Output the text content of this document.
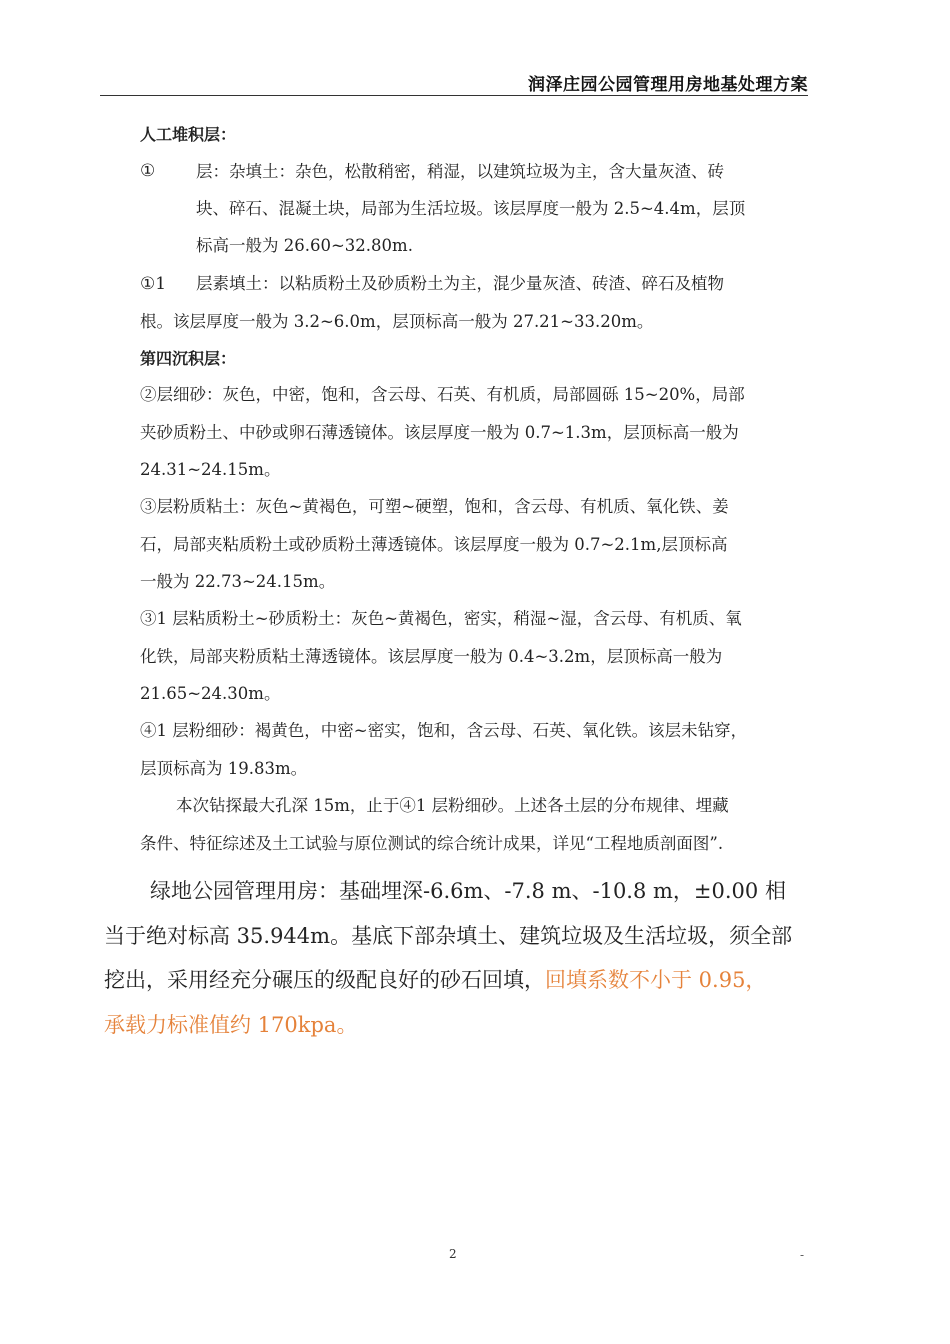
润泽庄园公园管理用房地基处理方案
人工堆积层：
① 层：杂填土：杂色，松散稍密，稍湿，以建筑垃圾为主，含大量灰渣、砖
块、碎石、混凝土块，局部为生活垃圾。该层厚度一般为 2.5~4.4m，层顶
标高一般为 26.60~32.80m.
①1 层素填土：以粘质粉土及砂质粉土为主，混少量灰渣、砖渣、碎石及植物
根。该层厚度一般为 3.2~6.0m，层顶标高一般为 27.21~33.20m。
第四沉积层：
②层细砂：灰色，中密，饱和，含云母、石英、有机质，局部圆砾 15~20%，局部
夹砂质粉土、中砂或卵石薄透镜体。该层厚度一般为 0.7~1.3m，层顶标高一般为
24.31~24.15m。
③层粉质粘土：灰色~黄褐色，可塑~硬塑，饱和，含云母、有机质、氧化铁、姜
石，局部夹粘质粉土或砂质粉土薄透镜体。该层厚度一般为 0.7~2.1m,层顶标高
一般为 22.73~24.15m。
③1 层粘质粉土~砂质粉土：灰色~黄褐色，密实，稍湿~湿，含云母、有机质、氧
化铁，局部夹粉质粘土薄透镜体。该层厚度一般为 0.4~3.2m，层顶标高一般为
21.65~24.30m。
④1 层粉细砂：褐黄色，中密~密实，饱和，含云母、石英、氧化铁。该层未钻穿，
层顶标高为 19.83m。
本次钻探最大孔深 15m，止于④1 层粉细砂。上述各土层的分布规律、埋藏
条件、特征综述及土工试验与原位测试的综合统计成果，详见“工程地质剖面图”.
绿地公园管理用房：基础埋深-6.6m、-7.8 m、-10.8 m，±0.00 相
当于绝对标高 35.944m。基底下部杂填土、建筑垃圾及生活垃圾，须全部
挖出，采用经充分碾压的级配良好的砂石回填，回填系数不小于 0.95，
承载力标准值约 170kpa。
2	-
